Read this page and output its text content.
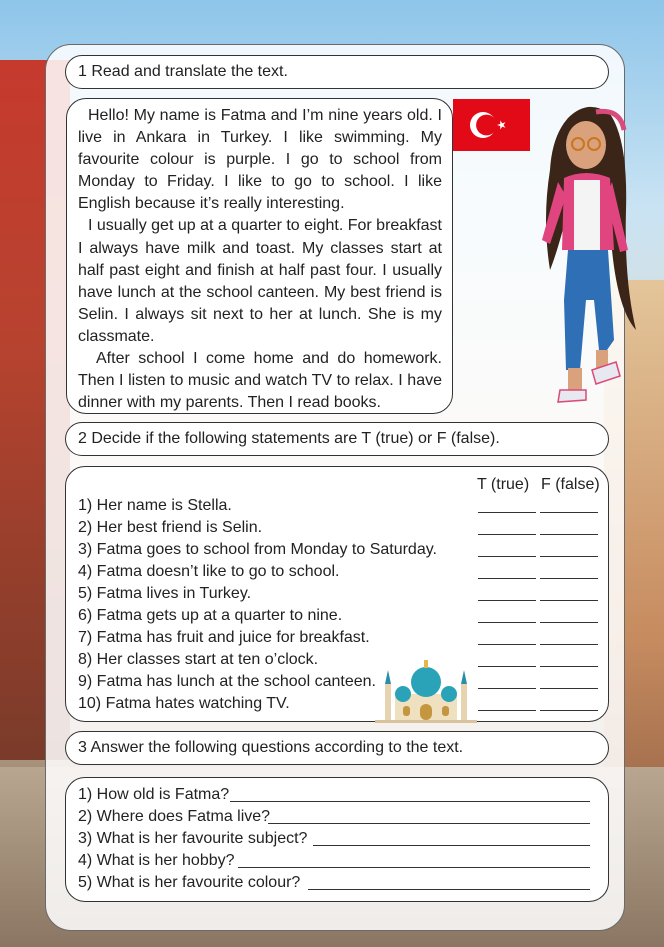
1 Read and translate the text.

Hello! My name is Fatma and I’m nine years old. I live in Ankara in Turkey. I like swimming. My favourite colour is purple. I go to school from Monday to Friday. I like to go to school. I like English because it’s really interesting.

I usually get up at a quarter to eight. For breakfast I always have milk and toast. My classes start at half past eight and finish at half past four. I usually have lunch at the school canteen. My best friend is Selin. I always sit next to her at lunch. She is my classmate.

After school I come home and do homework. Then I listen to music and watch TV to relax. I have dinner with my parents. Then I read books.

2 Decide if the following statements are T (true) or F (false).
T (true) F (false)
1) Her name is Stella.
2) Her best friend is Selin.
3) Fatma goes to school from Monday to Saturday.
4) Fatma doesn’t like to go to school.
5) Fatma lives in Turkey.
6) Fatma gets up at a quarter to nine.
7) Fatma has fruit and juice for breakfast.
8) Her classes start at ten o’clock.
9) Fatma has lunch at the school canteen.
10) Fatma hates watching TV.
3 Answer the following questions according to the text.
1) How old is Fatma?
2) Where does Fatma live?
3) What is her favourite subject?
4) What is her hobby?
5) What is her favourite colour?
